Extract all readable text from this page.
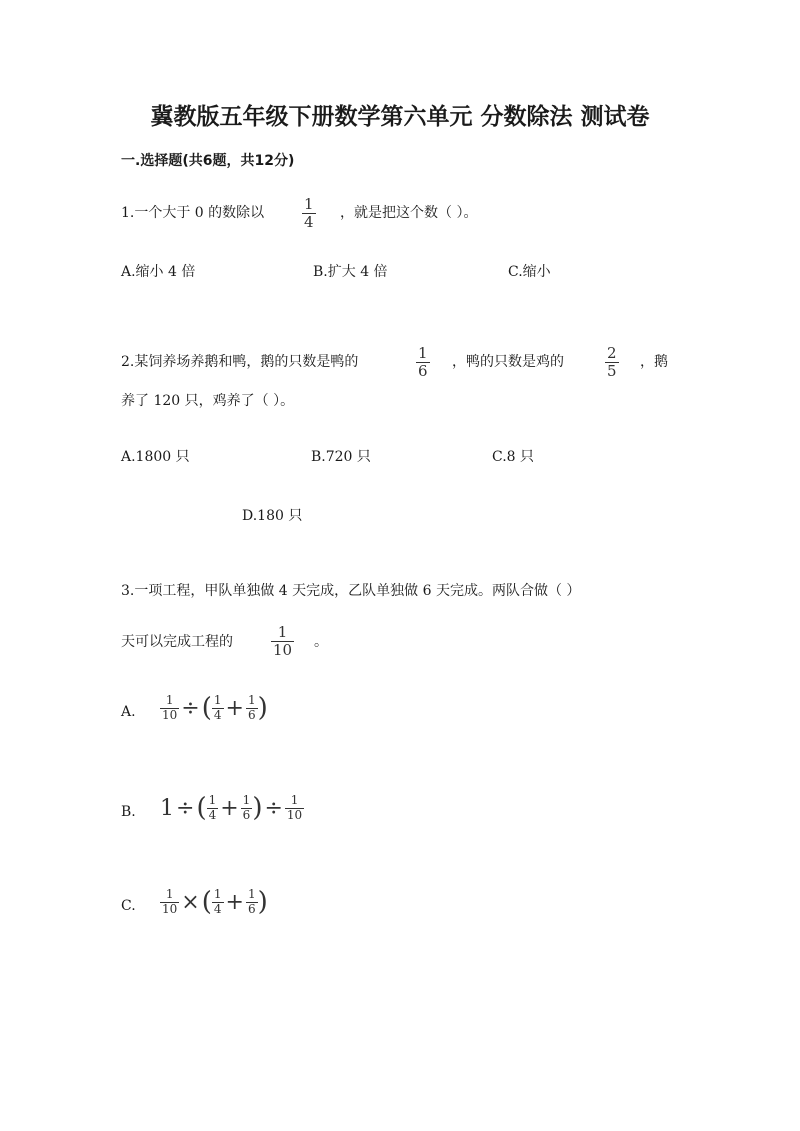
冀教版五年级下册数学第六单元 分数除法 测试卷
一.选择题(共6题，共12分)
1.一个大于 0 的数除以	$\frac{1}{4}$ ，就是把这个数（ ）。
A.缩小 4 倍	B.扩大 4 倍	C.缩小
2.某饲养场养鹅和鸭，鹅的只数是鸭的	$\frac{1}{6}$ ，鸭的只数是鸡的	$\frac{2}{5}$ ，鹅
养了 120 只，鸡养了（ ）。
A.1800 只	B.720 只	C.8 只
D.180 只
3.一项工程，甲队单独做 4 天完成，乙队单独做 6 天完成。两队合做（ ）
天可以完成工程的	$\frac{1}{10}$ 。
A. $\frac{1}{10}$ ÷ ( $\frac{1}{4} + \frac{1}{6}$ )
B. 1 ÷ ( $\frac{1}{4} + \frac{1}{6}$ ) ÷ $\frac{1}{10}$
C. $\frac{1}{10}$ × ( $\frac{1}{4} + \frac{1}{6}$ )
